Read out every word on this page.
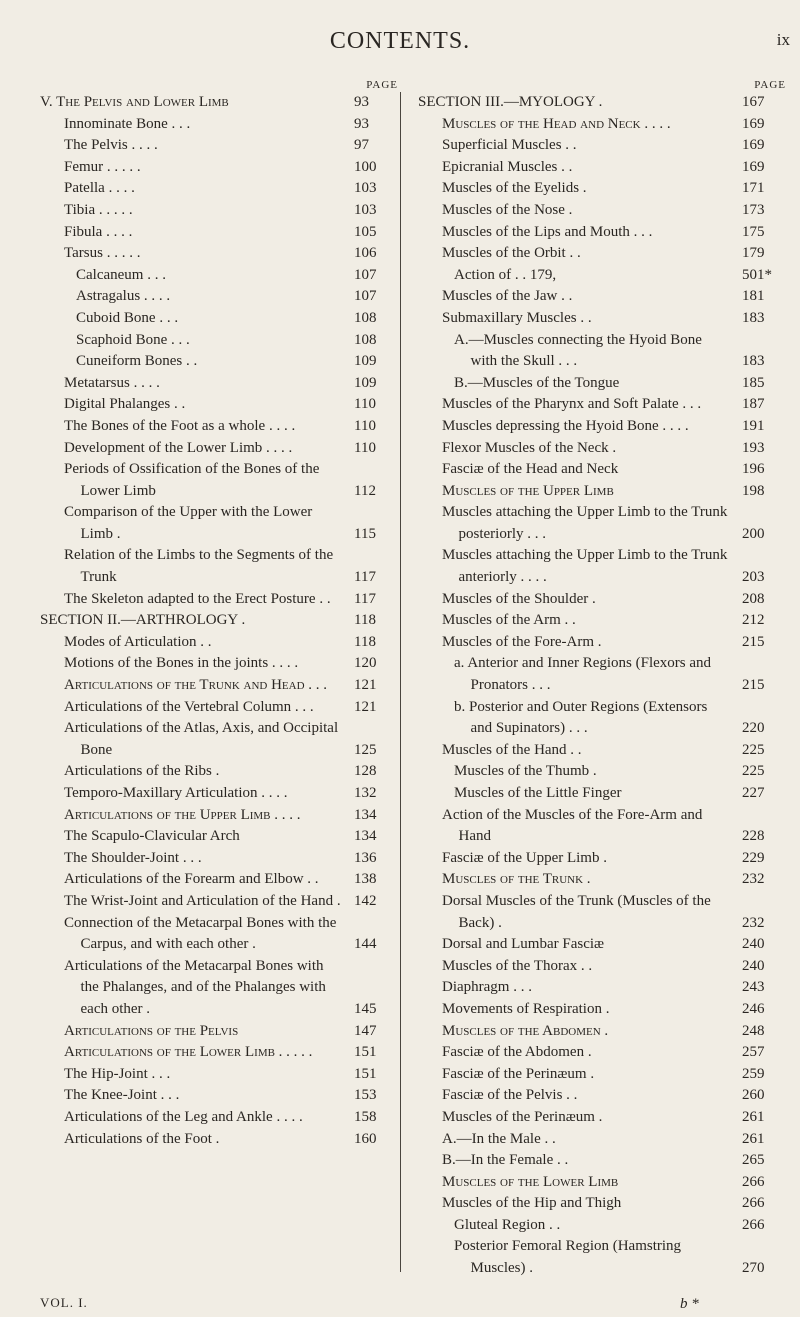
CONTENTS.	ix
PAGE
V. The Pelvis and Lower Limb	93
Innominate Bone . . .	93
The Pelvis . . . .	97
Femur . . . . .	100
Patella . . . .	103
Tibia . . . . .	103
Fibula . . . .	105
Tarsus . . . . .	106
Calcaneum . . .	107
Astragalus . . . .	107
Cuboid Bone . . .	108
Scaphoid Bone . . .	108
Cuneiform Bones . .	109
Metatarsus . . . .	109
Digital Phalanges . .	110
The Bones of the Foot as a whole . . . .	110
Development of the Lower Limb . . . .	110
Periods of Ossification of the Bones of the Lower Limb	112
Comparison of the Upper with the Lower Limb .	115
Relation of the Limbs to the Segments of the Trunk	117
The Skeleton adapted to the Erect Posture . .	117
SECTION II.—ARTHROLOGY .	118
Modes of Articulation . .	118
Motions of the Bones in the joints . . . .	120
Articulations of the Trunk and Head . . .	121
Articulations of the Vertebral Column . . .	121
Articulations of the Atlas, Axis, and Occipital Bone	125
Articulations of the Ribs .	128
Temporo-Maxillary Articulation . . . .	132
Articulations of the Upper Limb . . . .	134
The Scapulo-Clavicular Arch	134
The Shoulder-Joint . . .	136
Articulations of the Forearm and Elbow . .	138
The Wrist-Joint and Articulation of the Hand . 142
Connection of the Metacarpal Bones with the Carpus, and with each other .	144
Articulations of the Metacarpal Bones with the Phalanges, and of the Phalanges with each other .	145
Articulations of the Pelvis	147
Articulations of the Lower Limb . . . . .	151
The Hip-Joint . . .	151
The Knee-Joint . . .	153
Articulations of the Leg and Ankle . . . .	158
Articulations of the Foot .	160
PAGE
SECTION III.—MYOLOGY .	167
Muscles of the Head and Neck . . . .	169
Superficial Muscles . .	169
Epicranial Muscles . .	169
Muscles of the Eyelids .	171
Muscles of the Nose .	173
Muscles of the Lips and Mouth . . .	175
Muscles of the Orbit . .	179
Action of . . 179,	501*
Muscles of the Jaw . .	181
Submaxillary Muscles . .	183
A.—Muscles connecting the Hyoid Bone with the Skull . . .	183
B.—Muscles of the Tongue	185
Muscles of the Pharynx and Soft Palate . . .	187
Muscles depressing the Hyoid Bone . . . .	191
Flexor Muscles of the Neck .	193
Fasciæ of the Head and Neck	196
Muscles of the Upper Limb	198
Muscles attaching the Upper Limb to the Trunk posteriorly . . .	200
Muscles attaching the Upper Limb to the Trunk anteriorly . . . .	203
Muscles of the Shoulder .	208
Muscles of the Arm . .	212
Muscles of the Fore-Arm .	215
a. Anterior and Inner Regions (Flexors and Pronators . . .	215
b. Posterior and Outer Regions (Extensors and Supinators) . . .	220
Muscles of the Hand . .	225
Muscles of the Thumb .	225
Muscles of the Little Finger	227
Action of the Muscles of the Fore-Arm and Hand	228
Fasciæ of the Upper Limb .	229
Muscles of the Trunk .	232
Dorsal Muscles of the Trunk (Muscles of the Back) .	232
Dorsal and Lumbar Fasciæ	240
Muscles of the Thorax . .	240
Diaphragm . . .	243
Movements of Respiration .	246
Muscles of the Abdomen .	248
Fasciæ of the Abdomen .	257
Fasciæ of the Perinæum .	259
Fasciæ of the Pelvis . .	260
Muscles of the Perinæum .	261
A.—In the Male . .	261
B.—In the Female . .	265
Muscles of the Lower Limb	266
Muscles of the Hip and Thigh	266
Gluteal Region . .	266
Posterior Femoral Region (Hamstring Muscles) .	270
VOL. I.	b *
